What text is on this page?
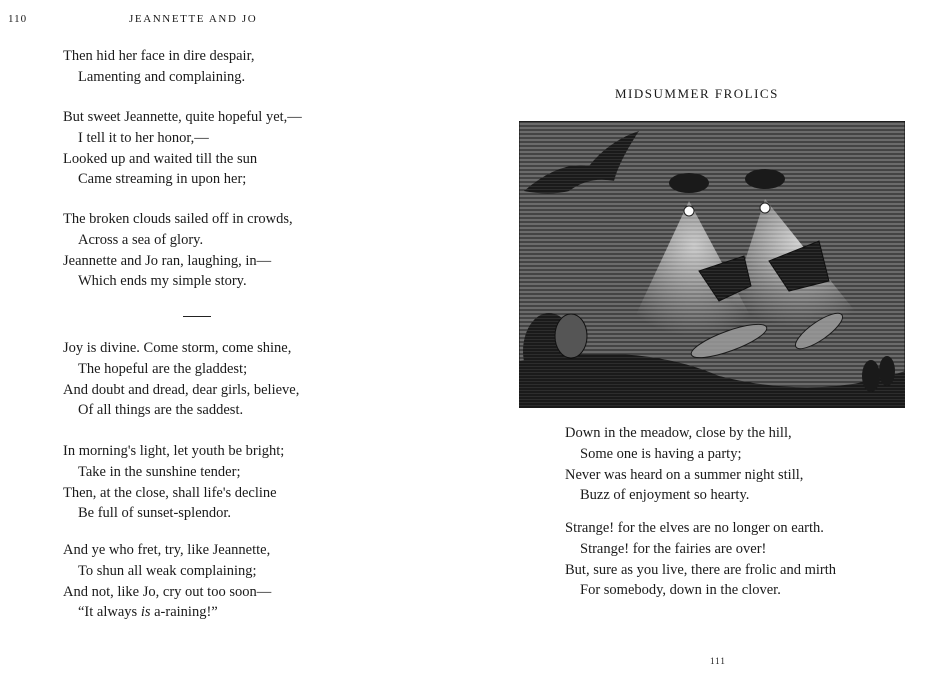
110	JEANNETTE AND JO
Then hid her face in dire despair,
Lamenting and complaining.
But sweet Jeannette, quite hopeful yet,—
I tell it to her honor,—
Looked up and waited till the sun
Came streaming in upon her;
The broken clouds sailed off in crowds,
Across a sea of glory.
Jeannette and Jo ran, laughing, in—
Which ends my simple story.
Joy is divine. Come storm, come shine,
The hopeful are the gladdest;
And doubt and dread, dear girls, believe,
Of all things are the saddest.
In morning's light, let youth be bright;
Take in the sunshine tender;
Then, at the close, shall life's decline
Be full of sunset-splendor.
And ye who fret, try, like Jeannette,
To shun all weak complaining;
And not, like Jo, cry out too soon—
“It always is a-raining!”
MIDSUMMER FROLICS
Down in the meadow, close by the hill,
Some one is having a party;
Never was heard on a summer night still,
Buzz of enjoyment so hearty.
Strange! for the elves are no longer on earth.
Strange! for the fairies are over!
But, sure as you live, there are frolic and mirth
For somebody, down in the clover.
111
